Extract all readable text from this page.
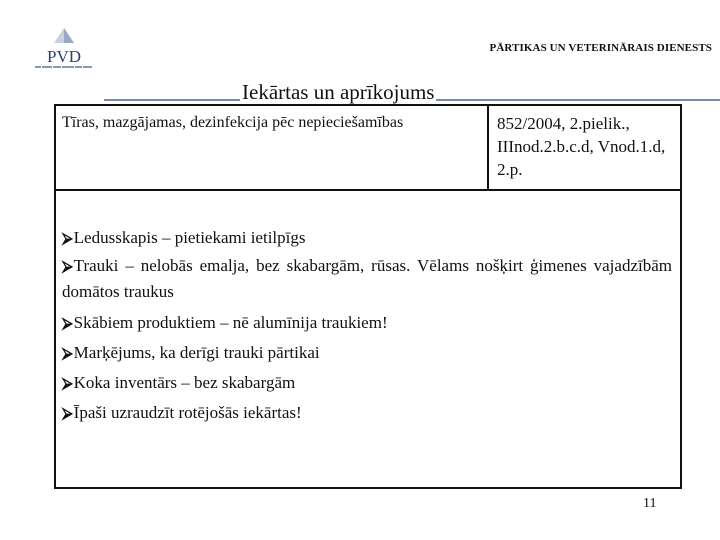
PVD	PĀRTIKAS UN VETERINĀRAIS DIENESTS
Iekārtas un aprīkojums
Tīras, mazgājamas, dezinfekcija pēc nepieciešamības	852/2004, 2.pielik., IIInod.2.b.c.d, Vnod.1.d, 2.p.
⮚Ledusskapis – pietiekami ietilpīgs
⮚Trauki – nelobās emalja, bez skabargām, rūsas. Vēlams nošķirt ģimenes vajadzībām domātos traukus
⮚Skābiem produktiem – nē alumīnija traukiem!
⮚Marķējums, ka derīgi trauki pārtikai
⮚Koka inventārs – bez skabargām
⮚Īpaši uzraudzīt rotējošās iekārtas!
11
